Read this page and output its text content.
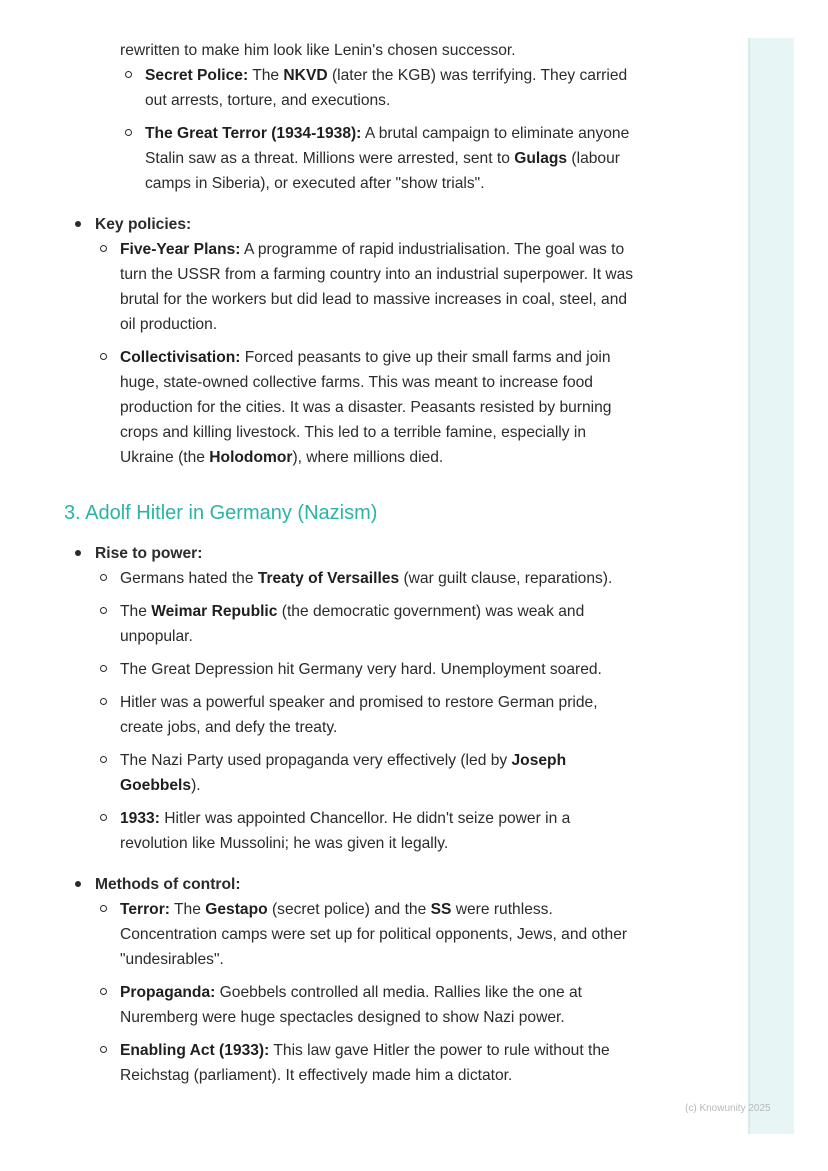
rewritten to make him look like Lenin's chosen successor.

Secret Police: The NKVD (later the KGB) was terrifying. They carried out arrests, torture, and executions.
The Great Terror (1934-1938): A brutal campaign to eliminate anyone Stalin saw as a threat. Millions were arrested, sent to Gulags (labour camps in Siberia), or executed after "show trials".
Key policies:
Five-Year Plans: A programme of rapid industrialisation. The goal was to turn the USSR from a farming country into an industrial superpower. It was brutal for the workers but did lead to massive increases in coal, steel, and oil production.
Collectivisation: Forced peasants to give up their small farms and join huge, state-owned collective farms. This was meant to increase food production for the cities. It was a disaster. Peasants resisted by burning crops and killing livestock. This led to a terrible famine, especially in Ukraine (the Holodomor), where millions died.
3. Adolf Hitler in Germany (Nazism)
Rise to power:
Germans hated the Treaty of Versailles (war guilt clause, reparations).
The Weimar Republic (the democratic government) was weak and unpopular.
The Great Depression hit Germany very hard. Unemployment soared.
Hitler was a powerful speaker and promised to restore German pride, create jobs, and defy the treaty.
The Nazi Party used propaganda very effectively (led by Joseph Goebbels).
1933: Hitler was appointed Chancellor. He didn't seize power in a revolution like Mussolini; he was given it legally.
Methods of control:
Terror: The Gestapo (secret police) and the SS were ruthless. Concentration camps were set up for political opponents, Jews, and other "undesirables".
Propaganda: Goebbels controlled all media. Rallies like the one at Nuremberg were huge spectacles designed to show Nazi power.
Enabling Act (1933): This law gave Hitler the power to rule without the Reichstag (parliament). It effectively made him a dictator.
(c) Knowunity 2025
